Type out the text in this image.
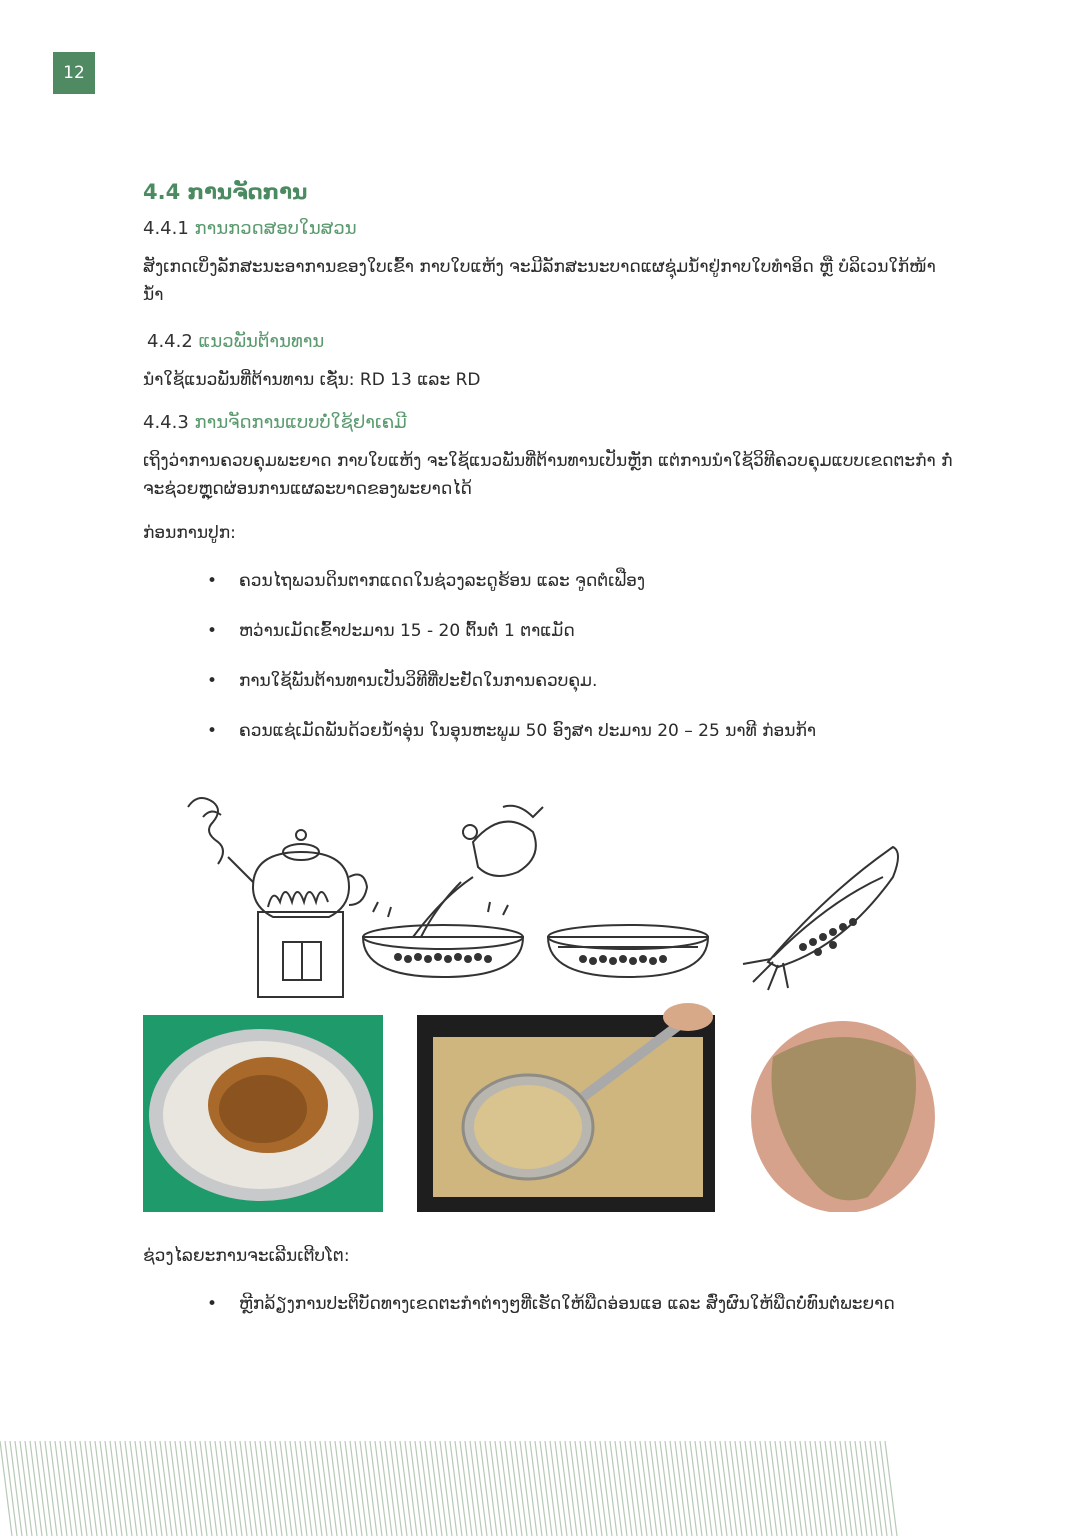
12
4.4 ການຈັດການ
4.4.1 ການກວດສອບໃນສວນ

ສັງເກດເບິ່ງລັກສະນະອາການຂອງໃບເຂົ້າ ກາບໃບແຫ້ງ ຈະມີລັກສະນະບາດແຜຊຸ່ມນໍ້າຢູ່ກາບໃບທໍາອິດ ຫຼື ບໍລິເວນໃກ້ໜ້ານໍ້າ

4.4.2 ແນວພັນຕ້ານທານ

ນໍາໃຊ້ແນວພັນທີ່ຕ້ານທານ ເຊັ່ນ: RD 13 ແລະ RD

4.4.3 ການຈັດການແບບບໍ່ໃຊ້ຢາເຄມີ

ເຖິງວ່າການຄວບຄຸມພະຍາດ ກາບໃບແຫ້ງ ຈະໃຊ້ແນວພັນທີ່ຕ້ານທານເປັນຫຼັກ ແຕ່ການນໍາໃຊ້ວິທີຄວບຄຸມແບບເຂດຕະກໍາ ກໍ່ຈະຊ່ວຍຫຼຸດຜ່ອນການແຜລະບາດຂອງພະຍາດໄດ້

ກ່ອນການປູກ:

• ຄວນໄຖພວນດິນຕາກແດດໃນຊ່ວງລະດູຮ້ອນ ແລະ ຈູດຕໍເຟືອງ
• ຫວ່ານເມັດເຂົ້າປະມານ 15 - 20 ຕົ້ນຕໍ່ 1 ຕາແມັດ
• ການໃຊ້ພັນຕ້ານທານເປັນວິທີທີ່ປະຢັດໃນການຄວບຄຸມ.
• ຄວນແຊ່ເມັດພັນດ້ວຍນໍ້າອຸ່ນ ໃນອຸນຫະພູມ 50 ອົງສາ ປະມານ 20 – 25 ນາທີ ກ່ອນກ້າ

ຊ່ວງໄລຍະການຈະເລີນເຕີບໂຕ:

• ຫຼີກລ້ຽງການປະຕິບັດທາງເຂດຕະກໍາຕ່າງໆທີ່ເຮັດໃຫ້ພືດອ່ອນແອ ແລະ ສົ່ງຜົນໃຫ້ພືດບໍ່ທົນຕໍ່ພະຍາດ
